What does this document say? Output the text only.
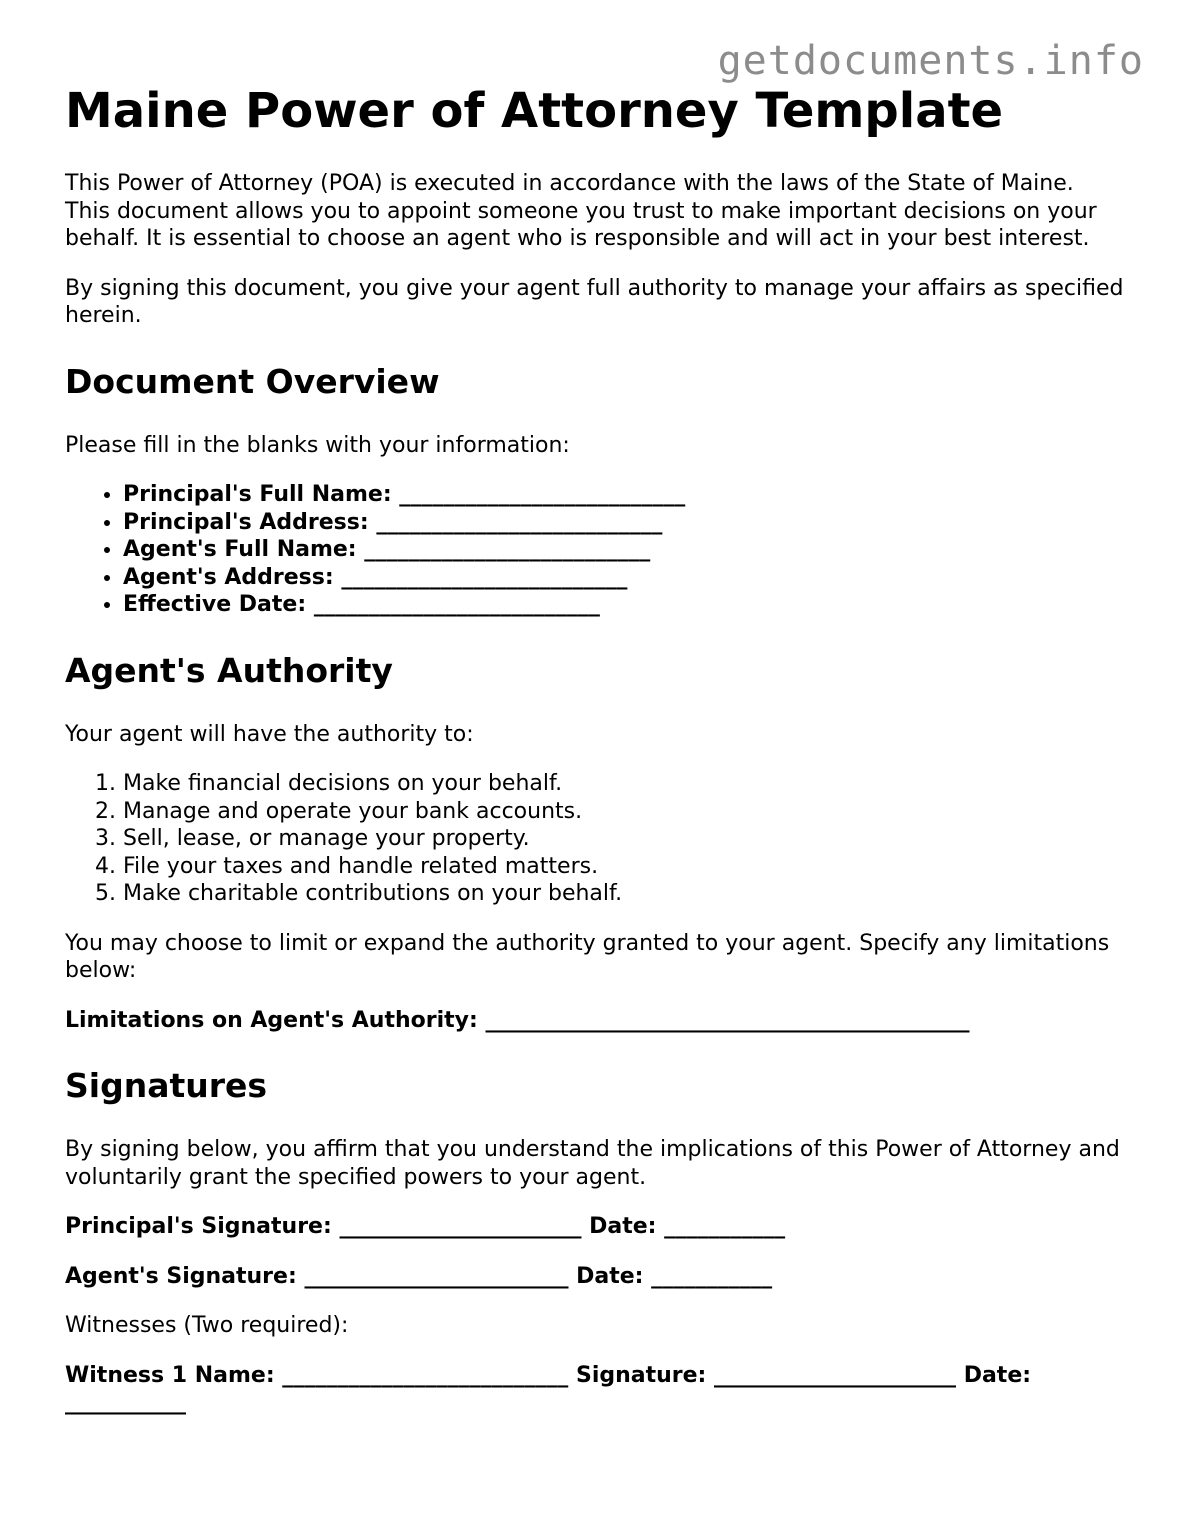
getdocuments.info
Maine Power of Attorney Template

This Power of Attorney (POA) is executed in accordance with the laws of the State of Maine. This document allows you to appoint someone you trust to make important decisions on your behalf. It is essential to choose an agent who is responsible and will act in your best interest.

By signing this document, you give your agent full authority to manage your affairs as specified herein.

Document Overview

Please fill in the blanks with your information:

• Principal's Full Name: __________________________
• Principal's Address: __________________________
• Agent's Full Name: __________________________
• Agent's Address: __________________________
• Effective Date: __________________________
Agent's Authority

Your agent will have the authority to:

1. Make financial decisions on your behalf.
2. Manage and operate your bank accounts.
3. Sell, lease, or manage your property.
4. File your taxes and handle related matters.
5. Make charitable contributions on your behalf.

You may choose to limit or expand the authority granted to your agent. Specify any limitations below:

Limitations on Agent's Authority: ____________________________________________

Signatures

By signing below, you affirm that you understand the implications of this Power of Attorney and voluntarily grant the specified powers to your agent.

Principal's Signature: ______________________ Date: ___________

Agent's Signature: ________________________ Date: ___________

Witnesses (Two required):

Witness 1 Name: __________________________ Signature: ______________________ Date:
___________
